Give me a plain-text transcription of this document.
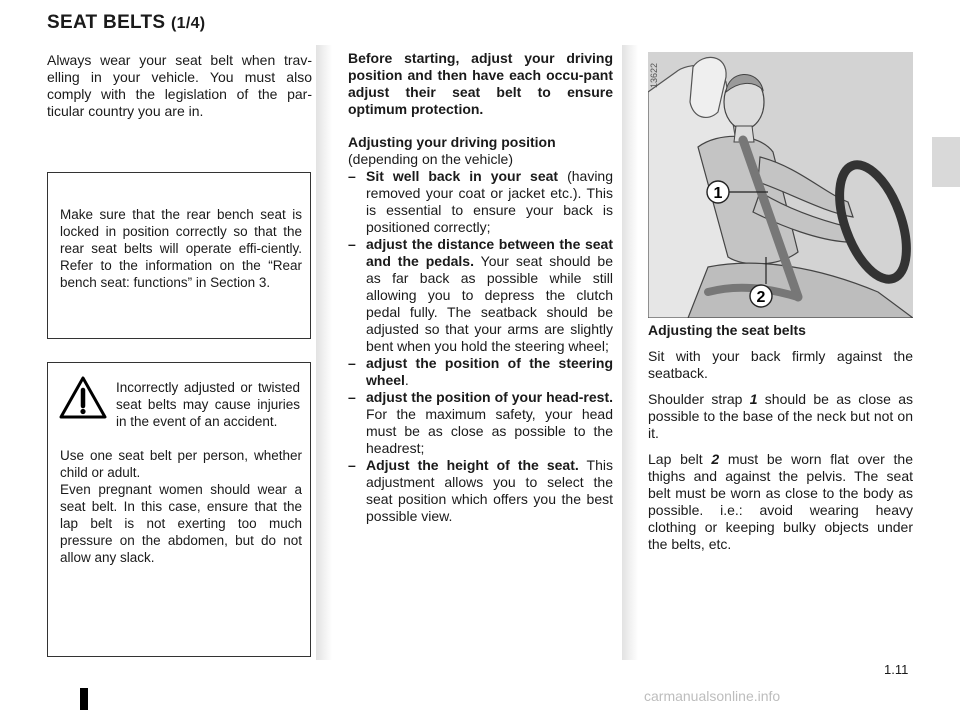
SEAT BELTS (1/4)

Always wear your seat belt when trav-elling in your vehicle. You must also comply with the legislation of the par-ticular country you are in.

Make sure that the rear bench seat is locked in position correctly so that the rear seat belts will operate effi-ciently. Refer to the information on the “Rear bench seat: functions” in Section 3.

Incorrectly adjusted or twisted seat belts may cause injuries in the event of an accident.

Use one seat belt per person, whether child or adult.
Even pregnant women should wear a seat belt. In this case, ensure that the lap belt is not exerting too much pressure on the abdomen, but do not allow any slack.

Before starting, adjust your driving position and then have each occu-pant adjust their seat belt to ensure optimum protection.

Adjusting your driving position

(depending on the vehicle)

– Sit well back in your seat (having removed your coat or jacket etc.). This is essential to ensure your back is positioned correctly;
– adjust the distance between the seat and the pedals. Your seat should be as far back as possible while still allowing you to depress the clutch pedal fully. The seatback should be adjusted so that your arms are slightly bent when you hold the steering wheel;
– adjust the position of the steering wheel.
– adjust the position of your head-rest. For the maximum safety, your head must be as close as possible to the headrest;
– Adjust the height of the seat. This adjustment allows you to select the seat position which offers you the best possible view.
1
2
13622

Adjusting the seat belts

Sit with your back firmly against the seatback.

Shoulder strap 1 should be as close as possible to the base of the neck but not on it.

Lap belt 2 must be worn flat over the thighs and against the pelvis. The seat belt must be worn as close to the body as possible. i.e.: avoid wearing heavy clothing or keeping bulky objects under the belts, etc.

1.11
carmanualsonline.info
